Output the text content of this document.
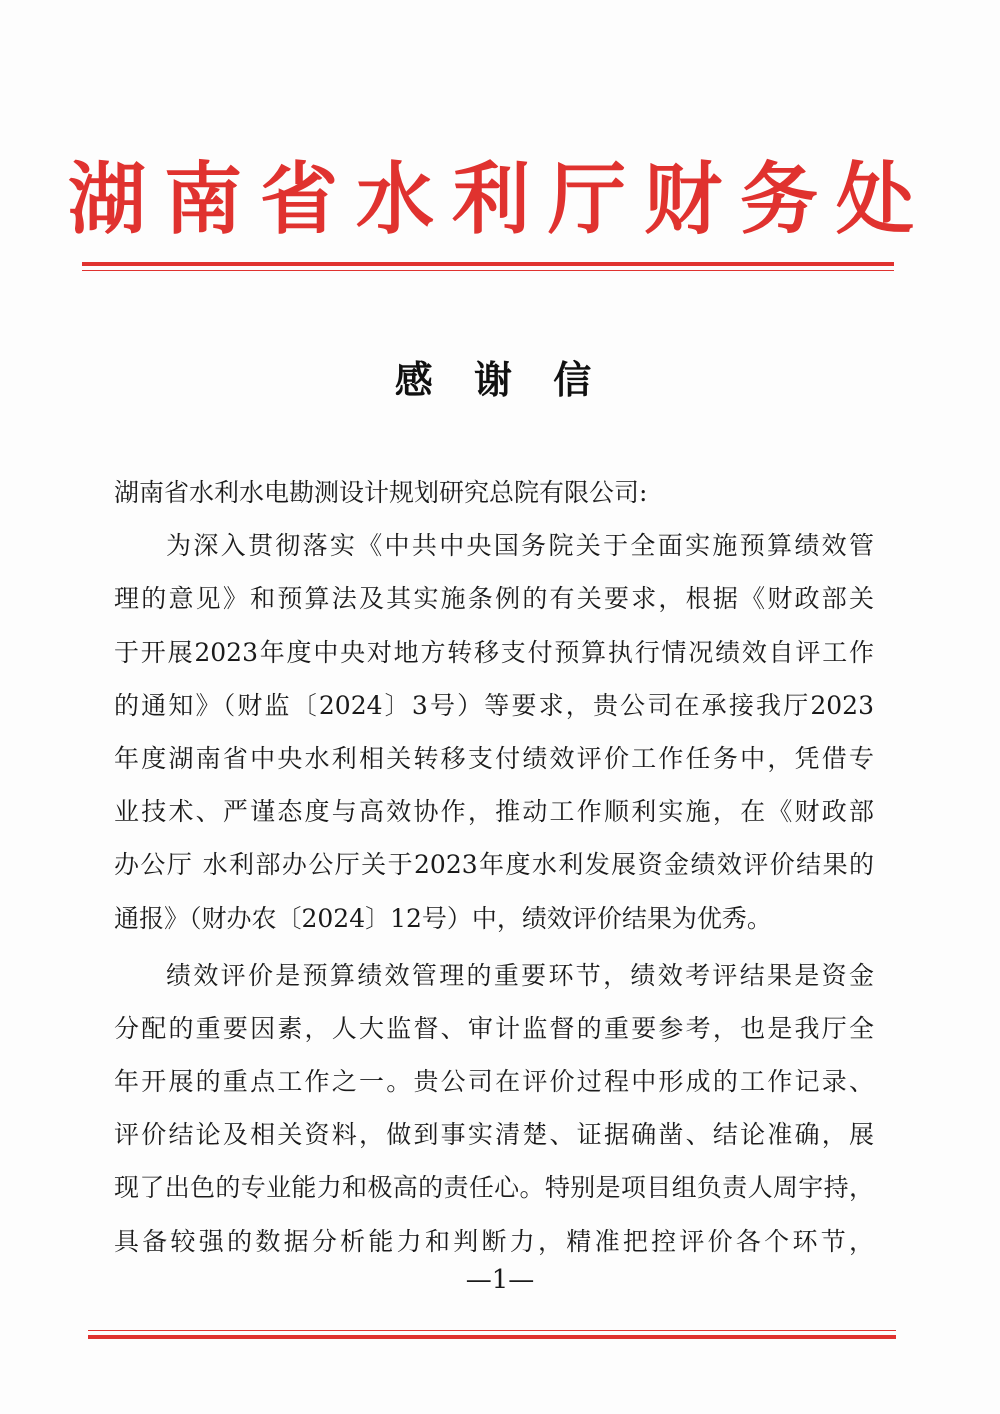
湖南省水利厅财务处
感 谢 信
湖南省水利水电勘测设计规划研究总院有限公司:
为深入贯彻落实《中共中央国务院关于全面实施预算绩效管
理的意见》和预算法及其实施条例的有关要求，根据《财政部关
于开展2023年度中央对地方转移支付预算执行情况绩效自评工作
的通知》（财监〔2024〕3号）等要求，贵公司在承接我厅2023
年度湖南省中央水利相关转移支付绩效评价工作任务中，凭借专
业技术、严谨态度与高效协作，推动工作顺利实施，在《财政部
办公厅 水利部办公厅关于2023年度水利发展资金绩效评价结果的
通报》（财办农〔2024〕12号）中，绩效评价结果为优秀。
绩效评价是预算绩效管理的重要环节，绩效考评结果是资金
分配的重要因素，人大监督、审计监督的重要参考，也是我厅全
年开展的重点工作之一。贵公司在评价过程中形成的工作记录、
评价结论及相关资料，做到事实清楚、证据确凿、结论准确，展
现了出色的专业能力和极高的责任心。特别是项目组负责人周宇持，
具备较强的数据分析能力和判断力，精准把控评价各个环节，
—1—
